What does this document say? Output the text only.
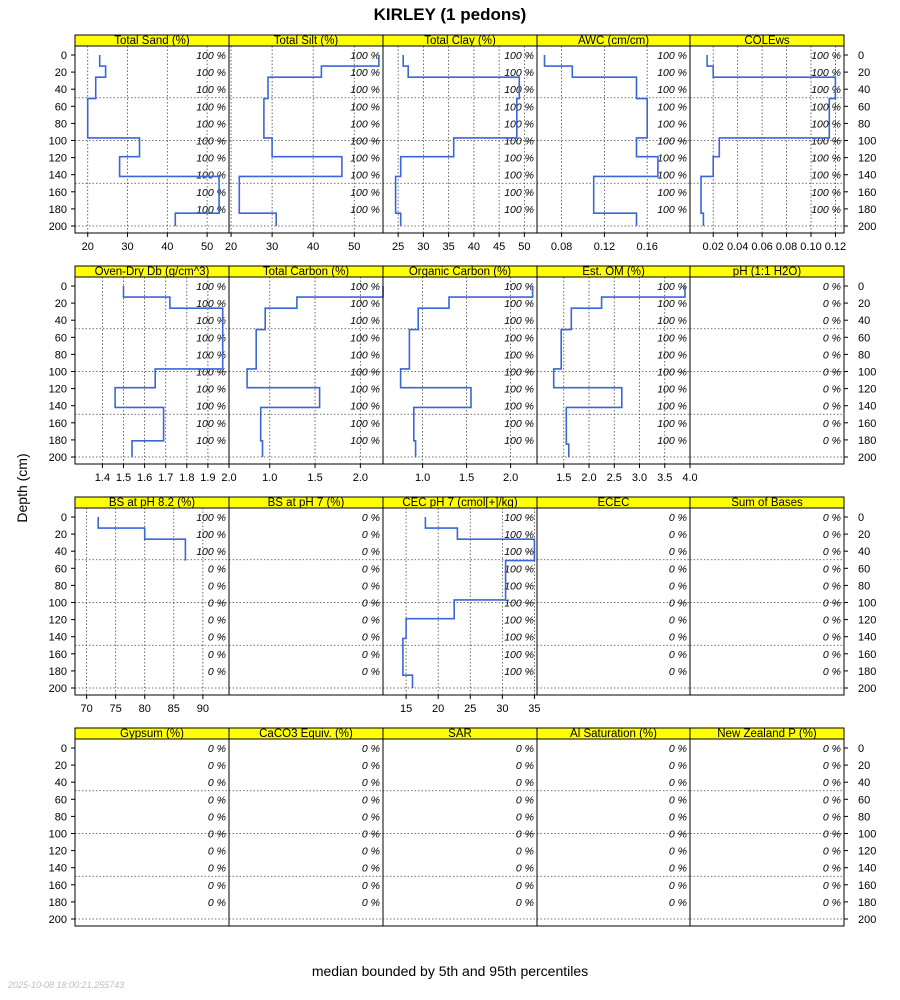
KIRLEY (1 pedons)
Depth (cm)
Total Sand (%)
100 %
100 %
100 %
100 %
100 %
100 %
100 %
100 %
100 %
100 %
20	30	40	50
Total Silt (%)
100 %
100 %
100 %
100 %
100 %
100 %
100 %
100 %
100 %
100 %
20	30	40	50
Total Clay (%)
100 %
100 %
100 %
100 %
100 %
100 %
100 %
100 %
100 %
100 %
25 30 35 40 45 50
AWC (cm/cm)
100 %
100 %
100 %
100 %
100 %
100 %
100 %
100 %
100 %
100 %
0.08 0.12 0.16
COLEws
100 %
100 %
100 %
100 %
100 %
100 %
100 %
100 %
100 %
100 %
0.02 0.04 0.06 0.08 0.10 0.12
Oven-Dry Db (g/cm^3)
100 %
100 %
100 %
100 %
100 %
100 %
100 %
100 %
100 %
100 %
1.4 1.5 1.6 1.7 1.8 1.9 2.0
Total Carbon (%)
100 %
100 %
100 %
100 %
100 %
100 %
100 %
100 %
100 %
100 %
1.0	1.5	2.0
Organic Carbon (%)
100 %
100 %
100 %
100 %
100 %
100 %
100 %
100 %
100 %
100 %
1.0	1.5	2.0
Est. OM (%)
100 %
100 %
100 %
100 %
100 %
100 %
100 %
100 %
100 %
100 %
1.5 2.0 2.5 3.0 3.5 4.0
pH (1:1 H2O)
0 %
0 %
0 %
0 %
0 %
0 %
0 %
0 %
0 %
0 %
BS at pH 8.2 (%)
100 %
100 %
100 %
0 %
0 %
0 %
0 %
0 %
0 %
0 %
70 75 80 85 90
BS at pH 7 (%)
0 %
0 %
0 %
0 %
0 %
0 %
0 %
0 %
0 %
0 %
CEC pH 7 (cmol[+]/kg)
100 %
100 %
100 %
100 %
100 %
100 %
100 %
100 %
100 %
100 %
15 20 25 30 35
ECEC
0 %
0 %
0 %
0 %
0 %
0 %
0 %
0 %
0 %
0 %
Sum of Bases
0 %
0 %
0 %
0 %
0 %
0 %
0 %
0 %
0 %
0 %
Gypsum (%)
0 %
0 %
0 %
0 %
0 %
0 %
0 %
0 %
0 %
0 %
CaCO3 Equiv. (%)
0 %
0 %
0 %
0 %
0 %
0 %
0 %
0 %
0 %
0 %
SAR
0 %
0 %
0 %
0 %
0 %
0 %
0 %
0 %
0 %
0 %
Al Saturation (%)
0 %
0 %
0 %
0 %
0 %
0 %
0 %
0 %
0 %
0 %
New Zealand P (%)
0 %
0 %
0 %
0 %
0 %
0 %
0 %
0 %
0 %
0 %
0	0
20	20
40	40
60	60
80	80
100	100
120	120
140	140
160	160
180	180
200	200
0	0
20	20
40	40
60	60
80	80
100	100
120	120
140	140
160	160
180	180
200	200
0	0
20	20
40	40
60	60
80	80
100	100
120	120
140	140
160	160
180	180
200	200
0	0
20	20
40	40
60	60
80	80
100	100
120	120
140	140
160	160
180	180
200	200
median bounded by 5th and 95th percentiles
2025-10-08 18:00:21.255743
